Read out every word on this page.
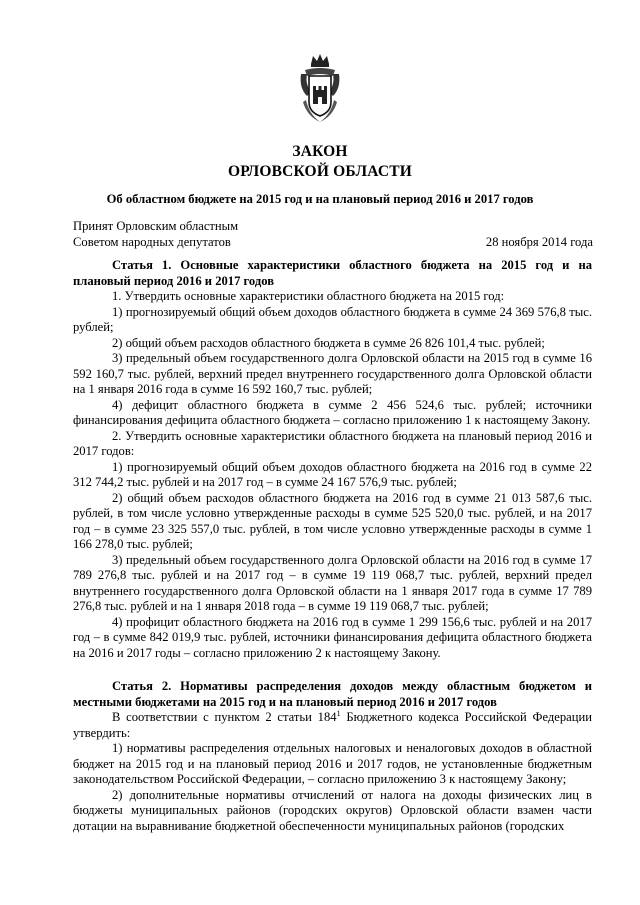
ЗАКОН
ОРЛОВСКОЙ ОБЛАСТИ
Об областном бюджете на 2015 год и на плановый период 2016 и 2017 годов
Принят Орловским областным
Советом народных депутатов	28 ноября 2014 года
Статья 1. Основные характеристики областного бюджета на 2015 год и на плановый период 2016 и 2017 годов

1. Утвердить основные характеристики областного бюджета на 2015 год:

1) прогнозируемый общий объем доходов областного бюджета в сумме 24 369 576,8 тыс. рублей;

2) общий объем расходов областного бюджета в сумме 26 826 101,4 тыс. рублей;

3) предельный объем государственного долга Орловской области на 2015 год в сумме 16 592 160,7 тыс. рублей, верхний предел внутреннего государственного долга Орловской области на 1 января 2016 года в сумме 16 592 160,7 тыс. рублей;

4) дефицит областного бюджета в сумме 2 456 524,6 тыс. рублей; источники финансирования дефицита областного бюджета – согласно приложению 1 к настоящему Закону.

2. Утвердить основные характеристики областного бюджета на плановый период 2016 и 2017 годов:

1) прогнозируемый общий объем доходов областного бюджета на 2016 год в сумме 22 312 744,2 тыс. рублей и на 2017 год – в сумме 24 167 576,9 тыс. рублей;

2) общий объем расходов областного бюджета на 2016 год в сумме 21 013 587,6 тыс. рублей, в том числе условно утвержденные расходы в сумме 525 520,0 тыс. рублей, и на 2017 год – в сумме 23 325 557,0 тыс. рублей, в том числе условно утвержденные расходы в сумме 1 166 278,0 тыс. рублей;

3) предельный объем государственного долга Орловской области на 2016 год в сумме 17 789 276,8 тыс. рублей и на 2017 год – в сумме 19 119 068,7 тыс. рублей, верхний предел внутреннего государственного долга Орловской области на 1 января 2017 года в сумме 17 789 276,8 тыс. рублей и на 1 января 2018 года – в сумме 19 119 068,7 тыс. рублей;

4) профицит областного бюджета на 2016 год в сумме 1 299 156,6 тыс. рублей и на 2017 год – в сумме 842 019,9 тыс. рублей, источники финансирования дефицита областного бюджета на 2016 и 2017 годы – согласно приложению 2 к настоящему Закону.

Статья 2. Нормативы распределения доходов между областным бюджетом и местными бюджетами на 2015 год и на плановый период 2016 и 2017 годов

В соответствии с пунктом 2 статьи $184^1$ Бюджетного кодекса Российской Федерации утвердить:

1) нормативы распределения отдельных налоговых и неналоговых доходов в областной бюджет на 2015 год и на плановый период 2016 и 2017 годов, не установленные бюджетным законодательством Российской Федерации, – согласно приложению 3 к настоящему Закону;

2) дополнительные нормативы отчислений от налога на доходы физических лиц в бюджеты муниципальных районов (городских округов) Орловской области взамен части дотации на выравнивание бюджетной обеспеченности муниципальных районов (городских
